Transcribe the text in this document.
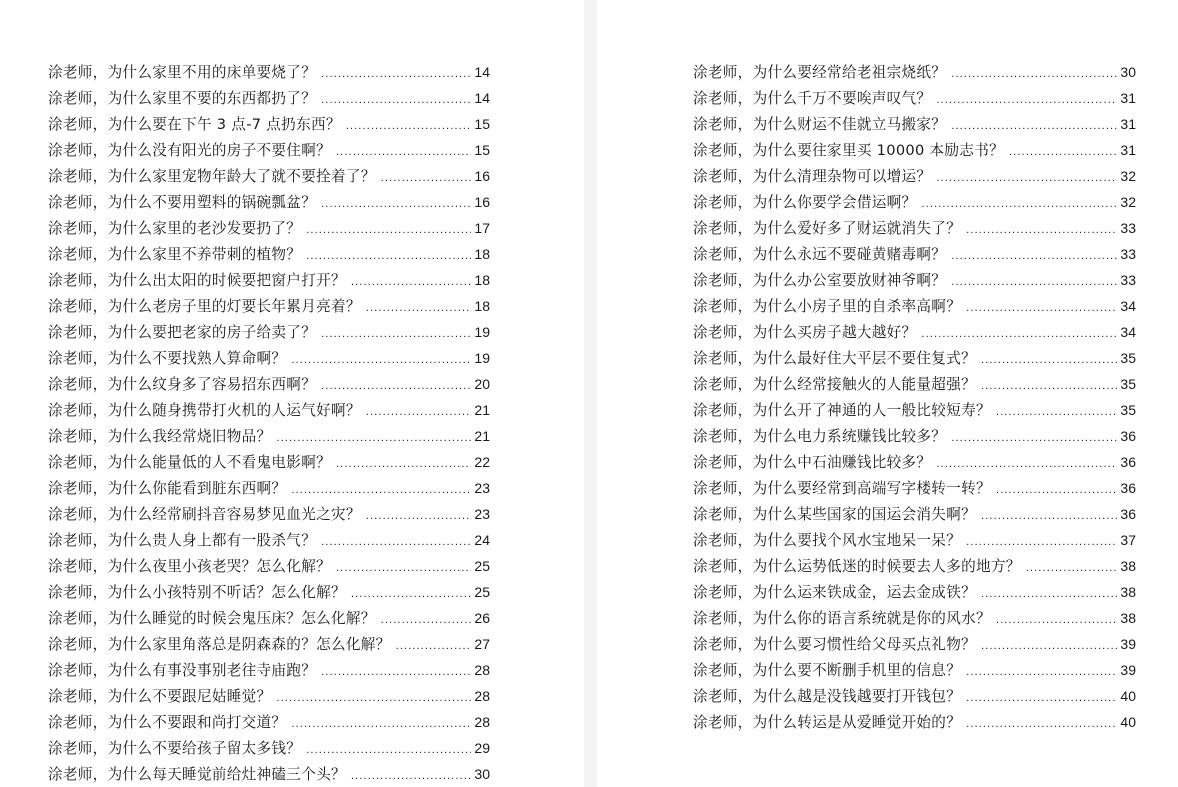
涂老师，为什么家里不用的床单要烧了？ .....	14
涂老师，为什么家里不要的东西都扔了？ .....	14
涂老师，为什么要在下午 3 点-7 点扔东西？ .....	15
涂老师，为什么没有阳光的房子不要住啊？ .....	15
涂老师，为什么家里宠物年龄大了就不要拴着了？ .....	16
涂老师，为什么不要用塑料的锅碗瓢盆？ .....	16
涂老师，为什么家里的老沙发要扔了？ .....	17
涂老师，为什么家里不养带刺的植物？ .....	18
涂老师，为什么出太阳的时候要把窗户打开？ .....	18
涂老师，为什么老房子里的灯要长年累月亮着？ .....	18
涂老师，为什么要把老家的房子给卖了？ .....	19
涂老师，为什么不要找熟人算命啊？ .....	19
涂老师，为什么纹身多了容易招东西啊？ .....	20
涂老师，为什么随身携带打火机的人运气好啊？ .....	21
涂老师，为什么我经常烧旧物品？ .....	21
涂老师，为什么能量低的人不看鬼电影啊？ .....	22
涂老师，为什么你能看到脏东西啊？ .....	23
涂老师，为什么经常刷抖音容易梦见血光之灾？ .....	23
涂老师，为什么贵人身上都有一股杀气？ .....	24
涂老师，为什么夜里小孩老哭？怎么化解？ .....	25
涂老师，为什么小孩特别不听话？怎么化解？ .....	25
涂老师，为什么睡觉的时候会鬼压床？怎么化解？ .....	26
涂老师，为什么家里角落总是阴森森的？怎么化解？ .....	27
涂老师，为什么有事没事别老往寺庙跑？ .....	28
涂老师，为什么不要跟尼姑睡觉？ .....	28
涂老师，为什么不要跟和尚打交道？ .....	28
涂老师，为什么不要给孩子留太多钱？ .....	29
涂老师，为什么每天睡觉前给灶神磕三个头？ .....	30
涂老师，为什么要经常给老祖宗烧纸？ .....	30
涂老师，为什么千万不要唉声叹气？ .....	31
涂老师，为什么财运不佳就立马搬家？ .....	31
涂老师，为什么要往家里买 10000 本励志书？ .....	31
涂老师，为什么清理杂物可以增运？ .....	32
涂老师，为什么你要学会借运啊？ .....	32
涂老师，为什么爱好多了财运就消失了？ .....	33
涂老师，为什么永远不要碰黄赌毒啊？ .....	33
涂老师，为什么办公室要放财神爷啊？ .....	33
涂老师，为什么小房子里的自杀率高啊？ .....	34
涂老师，为什么买房子越大越好？ .....	34
涂老师，为什么最好住大平层不要住复式？ .....	35
涂老师，为什么经常接触火的人能量超强？ .....	35
涂老师，为什么开了神通的人一般比较短寿？ .....	35
涂老师，为什么电力系统赚钱比较多？ .....	36
涂老师，为什么中石油赚钱比较多？ .....	36
涂老师，为什么要经常到高端写字楼转一转？ .....	36
涂老师，为什么某些国家的国运会消失啊？ .....	36
涂老师，为什么要找个风水宝地呆一呆？ .....	37
涂老师，为什么运势低迷的时候要去人多的地方？ .....	38
涂老师，为什么运来铁成金，运去金成铁？ .....	38
涂老师，为什么你的语言系统就是你的风水？ .....	38
涂老师，为什么要习惯性给父母买点礼物？ .....	39
涂老师，为什么要不断删手机里的信息？ .....	39
涂老师，为什么越是没钱越要打开钱包？ .....	40
涂老师，为什么转运是从爱睡觉开始的？ .....	40
